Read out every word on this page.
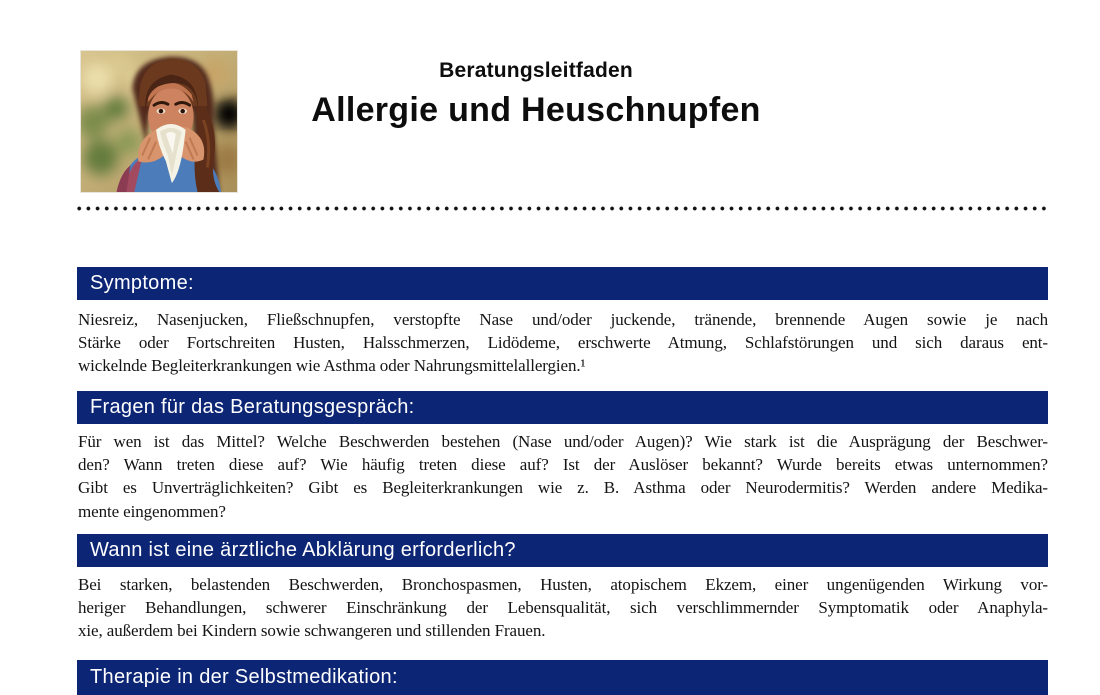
Beratungsleitfaden
Allergie und Heuschnupfen
Symptome:
Niesreiz, Nasenjucken, Fließschnupfen, verstopfte Nase und/oder juckende, tränende, brennende Augen sowie je nach
Stärke oder Fortschreiten Husten, Halsschmerzen, Lidödeme, erschwerte Atmung, Schlafstörungen und sich daraus ent-
wickelnde Begleiterkrankungen wie Asthma oder Nahrungsmittelallergien.¹
Fragen für das Beratungsgespräch:
Für wen ist das Mittel? Welche Beschwerden bestehen (Nase und/oder Augen)? Wie stark ist die Ausprägung der Beschwer-
den? Wann treten diese auf? Wie häufig treten diese auf? Ist der Auslöser bekannt? Wurde bereits etwas unternommen?
Gibt es Unverträglichkeiten? Gibt es Begleiterkrankungen wie z. B. Asthma oder Neurodermitis? Werden andere Medika-
mente eingenommen?
Wann ist eine ärztliche Abklärung erforderlich?
Bei starken, belastenden Beschwerden, Bronchospasmen, Husten, atopischem Ekzem, einer ungenügenden Wirkung vor-
heriger Behandlungen, schwerer Einschränkung der Lebensqualität, sich verschlimmernder Symptomatik oder Anaphyla-
xie, außerdem bei Kindern sowie schwangeren und stillenden Frauen.
Therapie in der Selbstmedikation:
